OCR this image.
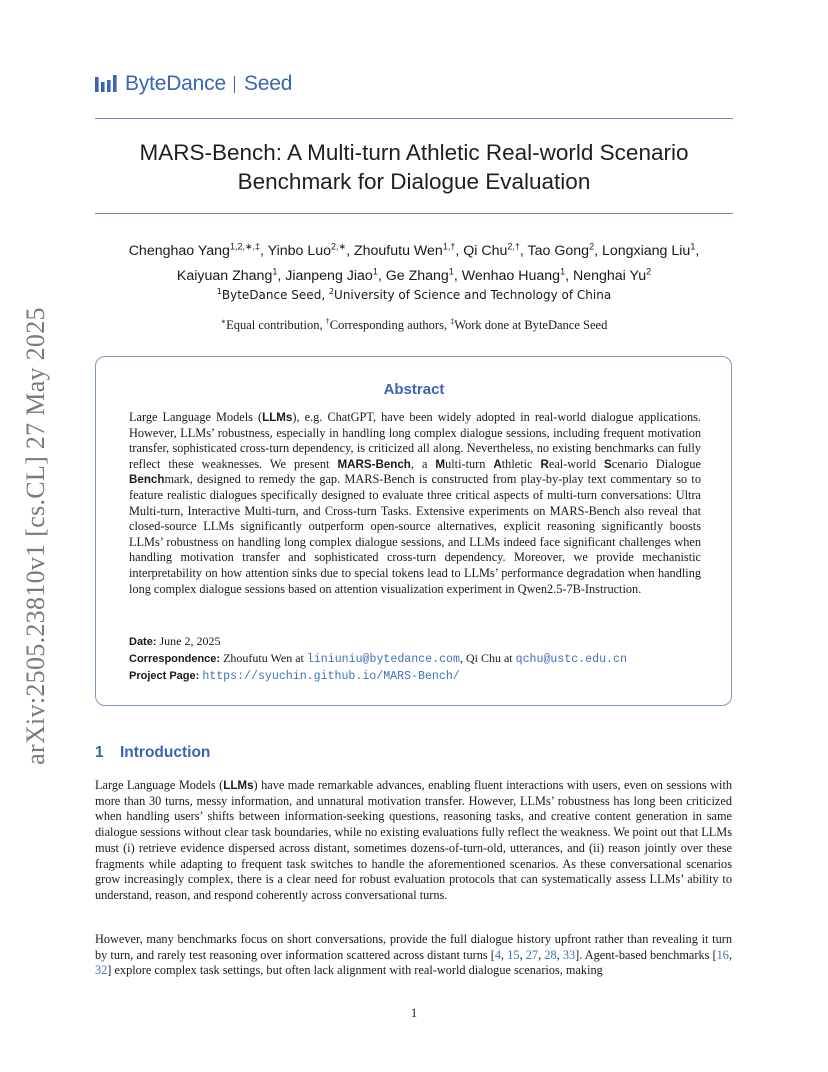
arXiv:2505.23810v1 [cs.CL] 27 May 2025
ByteDance Seed
MARS-Bench: A Multi-turn Athletic Real-world Scenario
Benchmark for Dialogue Evaluation
Chenghao Yang$^{1,2,∗,\ddagger}$, Yinbo Luo$^{2,∗}$, Zhoufutu Wen$^{1,\dagger}$, Qi Chu$^{2,\dagger}$, Tao Gong$^2$, Longxiang Liu$^1$,
Kaiyuan Zhang$^1$, Jianpeng Jiao$^1$, Ge Zhang$^1$, Wenhao Huang$^1$, Nenghai Yu$^2$
$^1$ByteDance Seed, $^2$University of Science and Technology of China
∗Equal contribution, †Corresponding authors, ‡Work done at ByteDance Seed
Abstract
Large Language Models (LLMs), e.g. ChatGPT, have been widely adopted in real-world dialogue applications. However, LLMs’ robustness, especially in handling long complex dialogue sessions, including frequent motivation transfer, sophisticated cross-turn dependency, is criticized all along. Nevertheless, no existing benchmarks can fully reflect these weaknesses. We present MARS-Bench, a Multi-turn Athletic Real-world Scenario Dialogue Benchmark, designed to remedy the gap. MARS-Bench is constructed from play-by-play text commentary so to feature realistic dialogues specifically designed to evaluate three critical aspects of multi-turn conversations: Ultra Multi-turn, Interactive Multi-turn, and Cross-turn Tasks. Extensive experiments on MARS-Bench also reveal that closed-source LLMs significantly outperform open-source alternatives, explicit reasoning significantly boosts LLMs’ robustness on handling long complex dialogue sessions, and LLMs indeed face significant challenges when handling motivation transfer and sophisticated cross-turn dependency. Moreover, we provide mechanistic interpretability on how attention sinks due to special tokens lead to LLMs’ performance degradation when handling long complex dialogue sessions based on attention visualization experiment in Qwen2.5-7B-Instruction.
Date: June 2, 2025
Correspondence: Zhoufutu Wen at liniuniu@bytedance.com, Qi Chu at qchu@ustc.edu.cn
Project Page: https://syuchin.github.io/MARS-Bench/
1 Introduction
Large Language Models (LLMs) have made remarkable advances, enabling fluent interactions with users, even on sessions with more than 30 turns, messy information, and unnatural motivation transfer. However, LLMs’ robustness has long been criticized when handling users’ shifts between information-seeking questions, reasoning tasks, and creative content generation in same dialogue sessions without clear task boundaries, while no existing evaluations fully reflect the weakness. We point out that LLMs must (i) retrieve evidence dispersed across distant, sometimes dozens-of-turn-old, utterances, and (ii) reason jointly over these fragments while adapting to frequent task switches to handle the aforementioned scenarios. As these conversational scenarios grow increasingly complex, there is a clear need for robust evaluation protocols that can systematically assess LLMs’ ability to understand, reason, and respond coherently across conversational turns.
However, many benchmarks focus on short conversations, provide the full dialogue history upfront rather than revealing it turn by turn, and rarely test reasoning over information scattered across distant turns [4, 15, 27, 28, 33]. Agent-based benchmarks [16, 32] explore complex task settings, but often lack alignment with real-world dialogue scenarios, making
1
